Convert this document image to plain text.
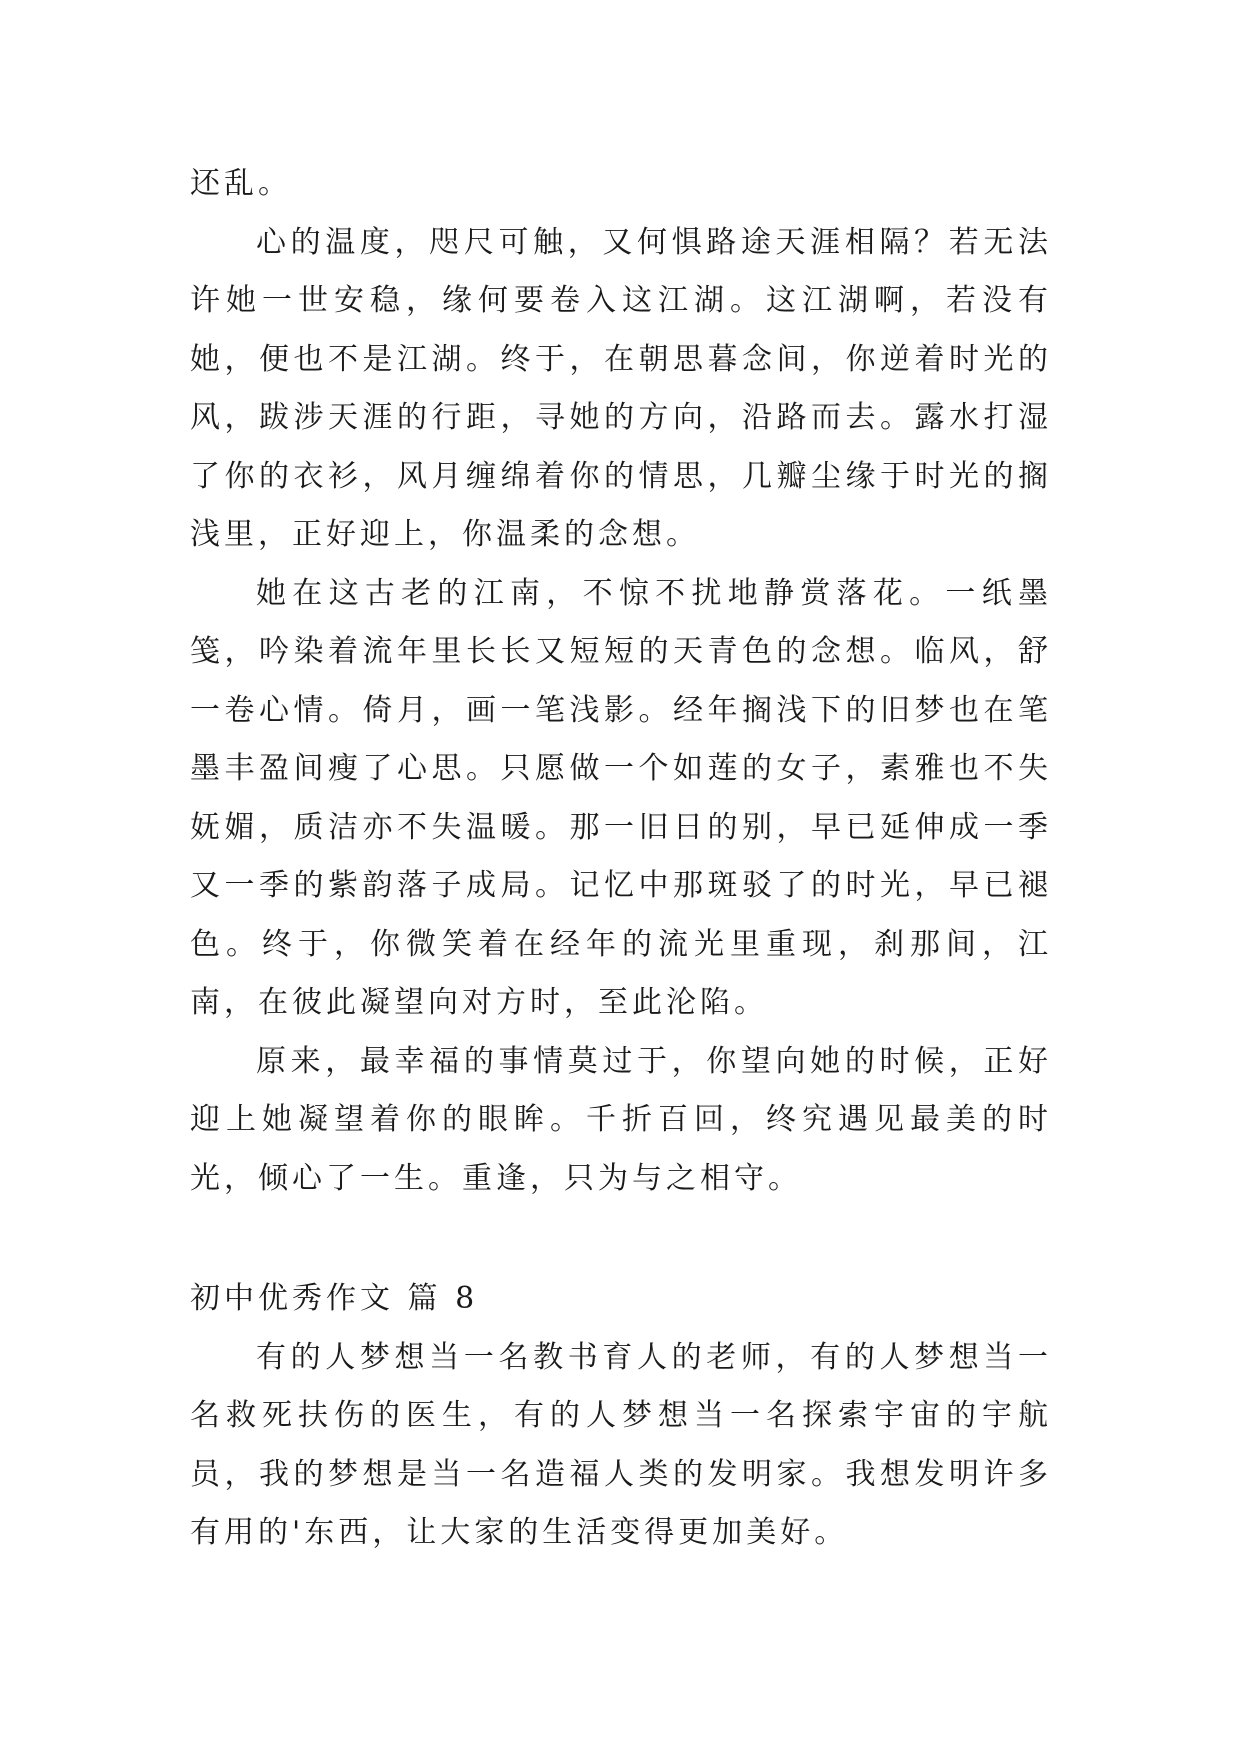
还乱。

心的温度，咫尺可触，又何惧路途天涯相隔？若无法许她一世安稳，缘何要卷入这江湖。这江湖啊，若没有她，便也不是江湖。终于，在朝思暮念间，你逆着时光的风，跋涉天涯的行距，寻她的方向，沿路而去。露水打湿了你的衣衫，风月缠绵着你的情思，几瓣尘缘于时光的搁浅里，正好迎上，你温柔的念想。

她在这古老的江南，不惊不扰地静赏落花。一纸墨笺，吟染着流年里长长又短短的天青色的念想。临风，舒一卷心情。倚月，画一笔浅影。经年搁浅下的旧梦也在笔墨丰盈间瘦了心思。只愿做一个如莲的女子，素雅也不失妩媚，质洁亦不失温暖。那一旧日的别，早已延伸成一季又一季的紫韵落子成局。记忆中那斑驳了的时光，早已褪色。终于，你微笑着在经年的流光里重现，刹那间，江南，在彼此凝望向对方时，至此沦陷。

原来，最幸福的事情莫过于，你望向她的时候，正好迎上她凝望着你的眼眸。千折百回，终究遇见最美的时光，倾心了一生。重逢，只为与之相守。

初中优秀作文 篇 8

有的人梦想当一名教书育人的老师，有的人梦想当一名救死扶伤的医生，有的人梦想当一名探索宇宙的宇航员，我的梦想是当一名造福人类的发明家。我想发明许多有用的'东西，让大家的生活变得更加美好。
